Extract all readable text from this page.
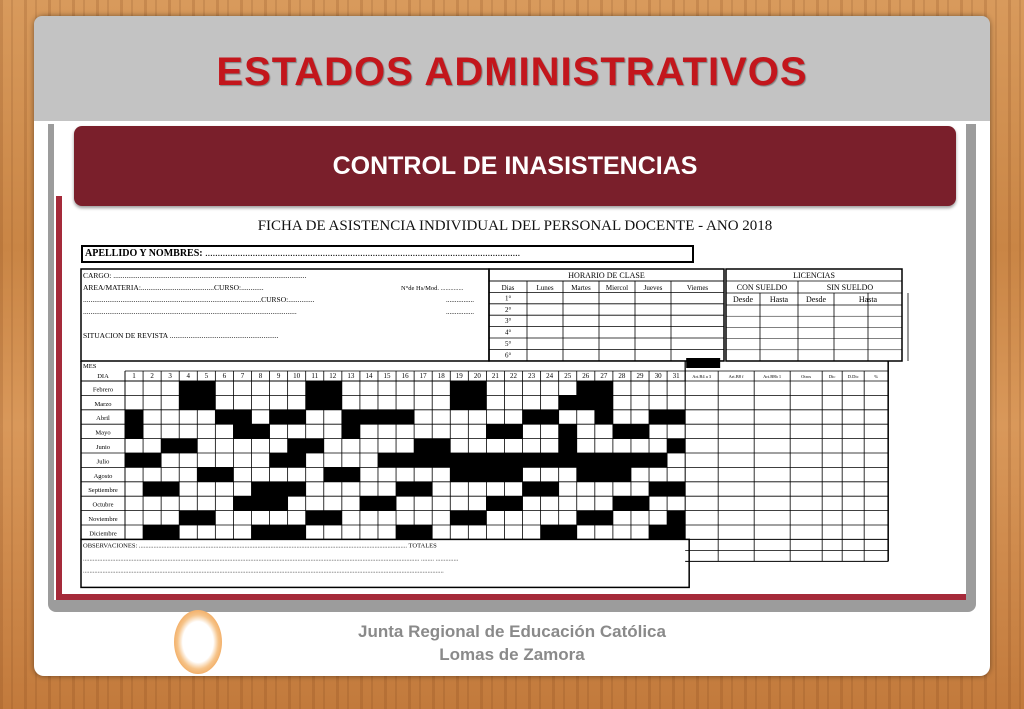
ESTADOS ADMINISTRATIVOS
CONTROL DE INASISTENCIAS
FICHA DE ASISTENCIA INDIVIDUAL DEL PERSONAL DOCENTE - ANO 2018
APELLIDO Y NOMBRES: ..............................................................................................................................
CARGO: .......................................................................................................
AREA/MATERIA:.......................................CURSO:............	N°de Hs/Mod. ..............
...............................................................................................CURSO:..............	................
..................................................................................................................	................
SITUACION DE REVISTA ..........................................................
HORARIO DE CLASE
Dias	Lunes	Martes Miercol Jueves	Viernes
1°
2°
3°
4°
5°
6°
LICENCIAS
CON SUELDO	SIN SUELDO
Desde Hasta Desde	Hasta
MES
DIA	1 2 3 4 5 6 7 8 9 10 11 12 13 14 15 16 17 18 19 20 21 22 23 24 25 26 27 28 29 30 31	Art.B4 a 3	Art.B8 f	Art.B8b 1	Otros	Dic	D.Dic	%
Febrero
Marzo
Abril
Mayo
Junio
Julio
Agosto
Septiembre
Octubre
Noviembre
Diciembre
OBSERVACIONES: ..................................................................................................................................................................... TOTALES
............................................................................................................................................................................................................... ........ ..............
..............................................................................................................................................................................................................................
Junta Regional de Educación Católica
Lomas de Zamora
